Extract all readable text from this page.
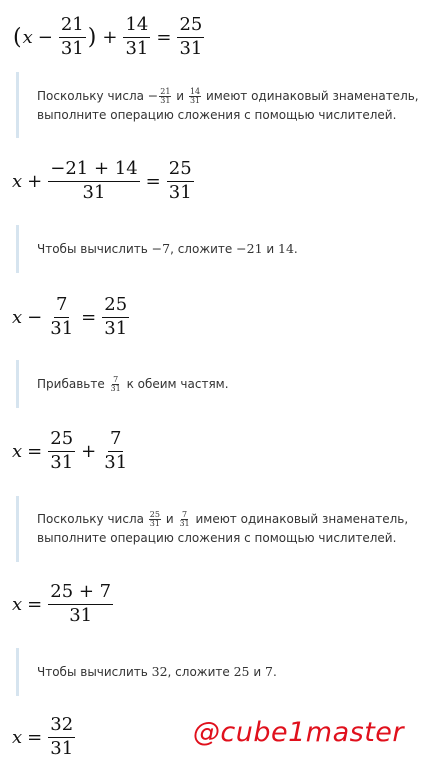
( $x - \frac{21}{31}$ ) + $\frac{14}{31} = \frac{25}{31}$
Поскольку числа − $\frac{21}{31}$ и $\frac{14}{31}$ имеют одинаковый знаменатель,
выполните операцию сложения с помощью числителей.
$x + \frac{-21 + 14}{31} = \frac{25}{31}$
Чтобы вычислить −7, сложите −21 и 14.
$x - \frac{7}{31} = \frac{25}{31}$
Прибавьте $\frac{7}{31}$ к обеим частям.
$x = \frac{25}{31} + \frac{7}{31}$
Поскольку числа $\frac{25}{31}$ и $\frac{7}{31}$ имеют одинаковый знаменатель,
выполните операцию сложения с помощью числителей.
$x = \frac{25 + 7}{31}$
Чтобы вычислить 32, сложите 25 и 7.
$x = \frac{32}{31}$	@cube1master
